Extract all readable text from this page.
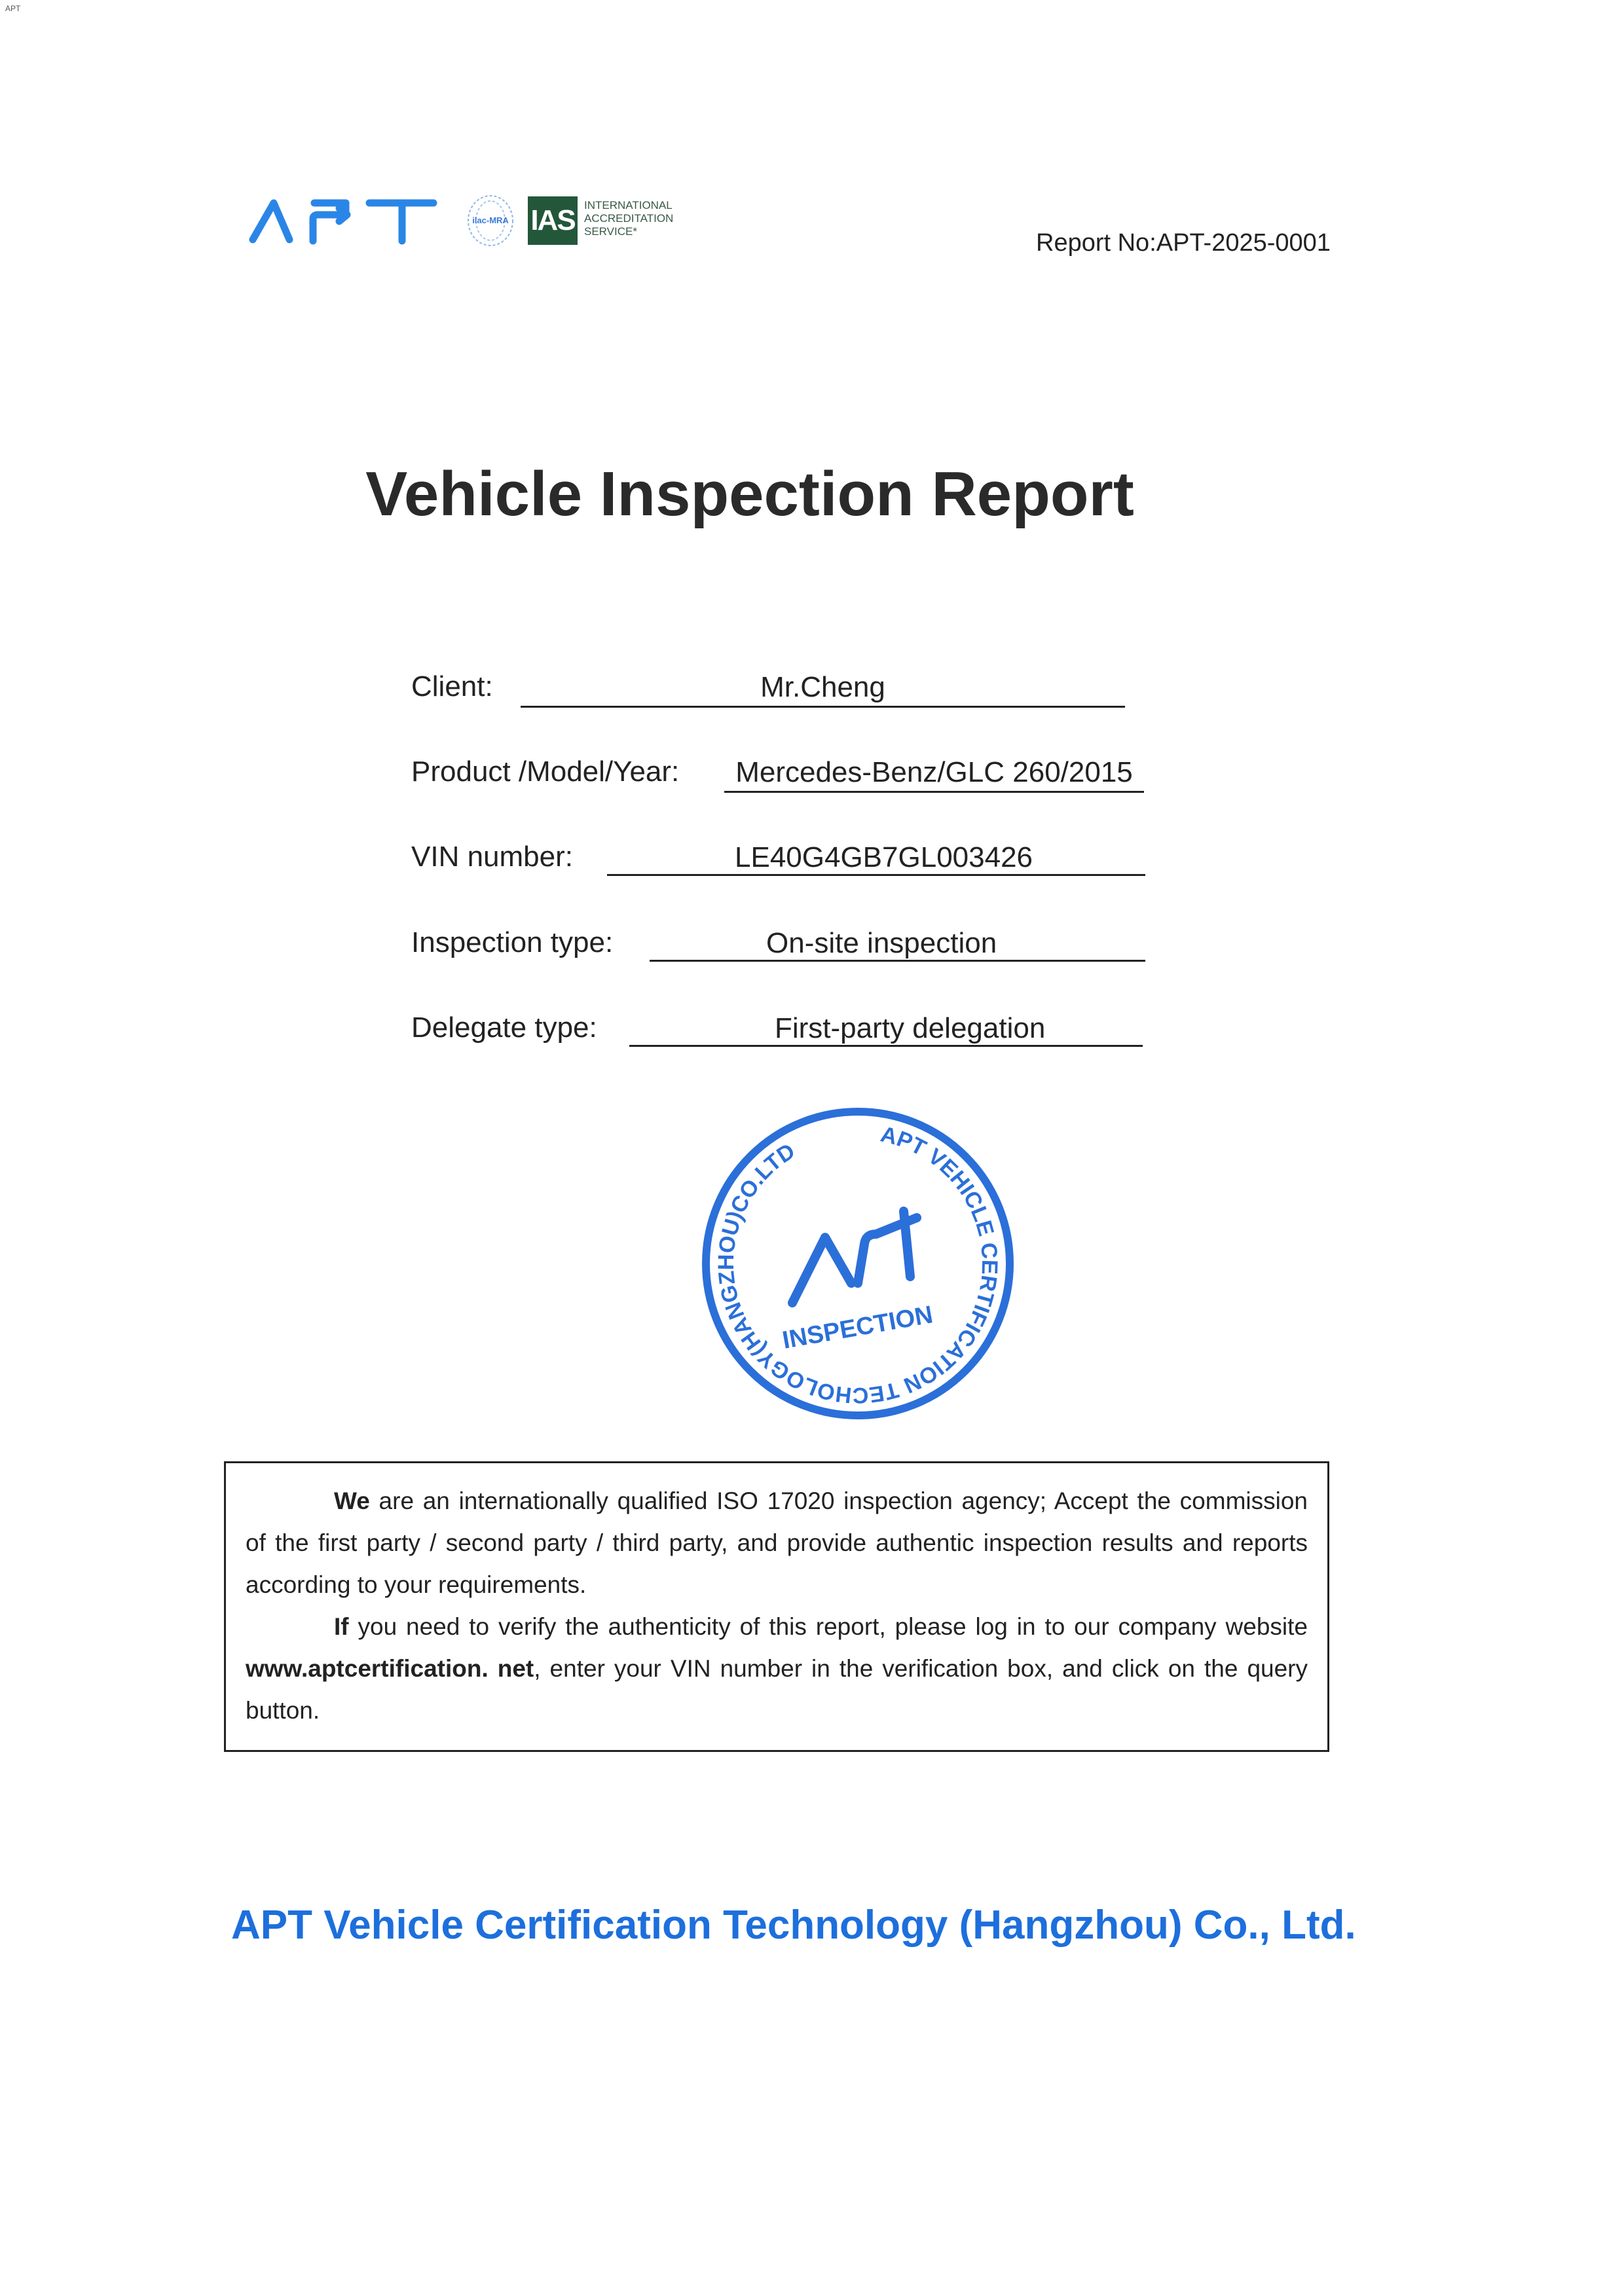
APT
ilac-MRA IAS INTERNATIONAL
ACCREDITATION
SERVICE*	Report No:APT-2025-0001
Vehicle Inspection Report
Client:	Mr.Cheng
Product /Model/Year:	Mercedes-Benz/GLC 260/2015
VIN number:	LE40G4GB7GL003426
Inspection type:	On-site inspection
Delegate type:	First-party delegation
APT VEHICLE CERTIFICATION TECHOLOGY(HANGZHOU)CO.LTD
INSPECTION

We are an internationally qualified ISO 17020 inspection agency; Accept the commission of the first party / second party / third party, and provide authentic inspection results and reports according to your requirements.

If you need to verify the authenticity of this report, please log in to our company website www.aptcertification. net, enter your VIN number in the verification box, and click on the query button.

APT Vehicle Certification Technology (Hangzhou) Co., Ltd.
